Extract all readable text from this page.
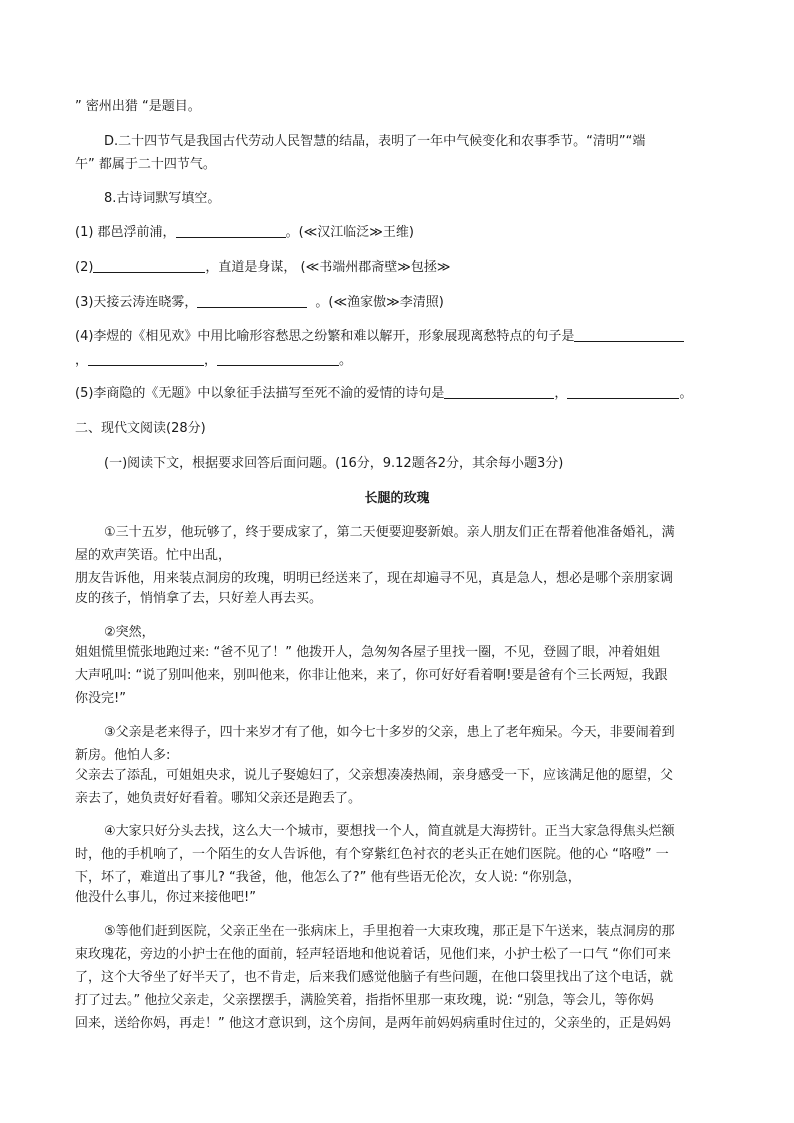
” 密州出猎 “是题目。
D.二十四节气是我国古代劳动人民智慧的结晶，表明了一年中气候变化和农事季节。“清明”“端
午” 都属于二十四节气。
8.古诗词默写填空。
(1) 郡邑浮前浦，	。(≪汉江临泛≫王维)
(2)	，直道是身谋， (≪书端州郡斋壁≫包拯≫
(3)天接云涛连晓雾，	。(≪渔家傲≫李清照)
(4)李煜的《相见欢》中用比喻形容愁思之纷繁和难以解开，形象展现离愁特点的句子是
，	，	。
(5)李商隐的《无题》中以象征手法描写至死不渝的爱情的诗句是	，	。
二、现代文阅读(28分)
(一)阅读下文，根据要求回答后面问题。(16分，9.12题各2分，其余每小题3分)
长腿的玫瑰
①三十五岁，他玩够了，终于要成家了，第二天便要迎娶新娘。亲人朋友们正在帮着他准备婚礼，满
屋的欢声笑语。忙中出乱，
朋友告诉他，用来装点洞房的玫瑰，明明已经送来了，现在却遍寻不见，真是急人，想必是哪个亲朋家调
皮的孩子，悄悄拿了去，只好差人再去买。
②突然，
姐姐慌里慌张地跑过来: “爸不见了！” 他拨开人，急匆匆各屋子里找一圈，不见，登圆了眼，冲着姐姐
大声吼叫: “说了别叫他来，别叫他来，你非让他来，来了，你可好好看着啊!要是爸有个三长两短，我跟
你没完!”
③父亲是老来得子，四十来岁才有了他，如今七十多岁的父亲，患上了老年痴呆。今天，非要闹着到
新房。他怕人多:
父亲去了添乱，可姐姐央求，说儿子娶媳妇了，父亲想凑凑热闹，亲身感受一下，应该满足他的愿望，父
亲去了，她负责好好看着。哪知父亲还是跑丢了。
④大家只好分头去找，这么大一个城市，要想找一个人，简直就是大海捞针。正当大家急得焦头烂额
时，他的手机响了，一个陌生的女人告诉他，有个穿紫红色衬衣的老头正在她们医院。他的心 “咯噔” 一
下，坏了，难道出了事儿? “我爸，他，他怎么了?” 他有些语无伦次，女人说: “你别急，
他没什么事儿，你过来接他吧!”
⑤等他们赶到医院，父亲正坐在一张病床上，手里抱着一大束玫瑰，那正是下午送来，装点洞房的那
束玫瑰花，旁边的小护士在他的面前，轻声轻语地和他说着话，见他们来，小护士松了一口气 “你们可来
了，这个大爷坐了好半天了，也不肯走，后来我们感觉他脑子有些问题，在他口袋里找出了这个电话，就
打了过去。” 他拉父亲走，父亲摆摆手，满脸笑着，指指怀里那一束玫瑰，说: “别急，等会儿，等你妈
回来，送给你妈，再走！” 他这才意识到，这个房间，是两年前妈妈病重时住过的，父亲坐的，正是妈妈
